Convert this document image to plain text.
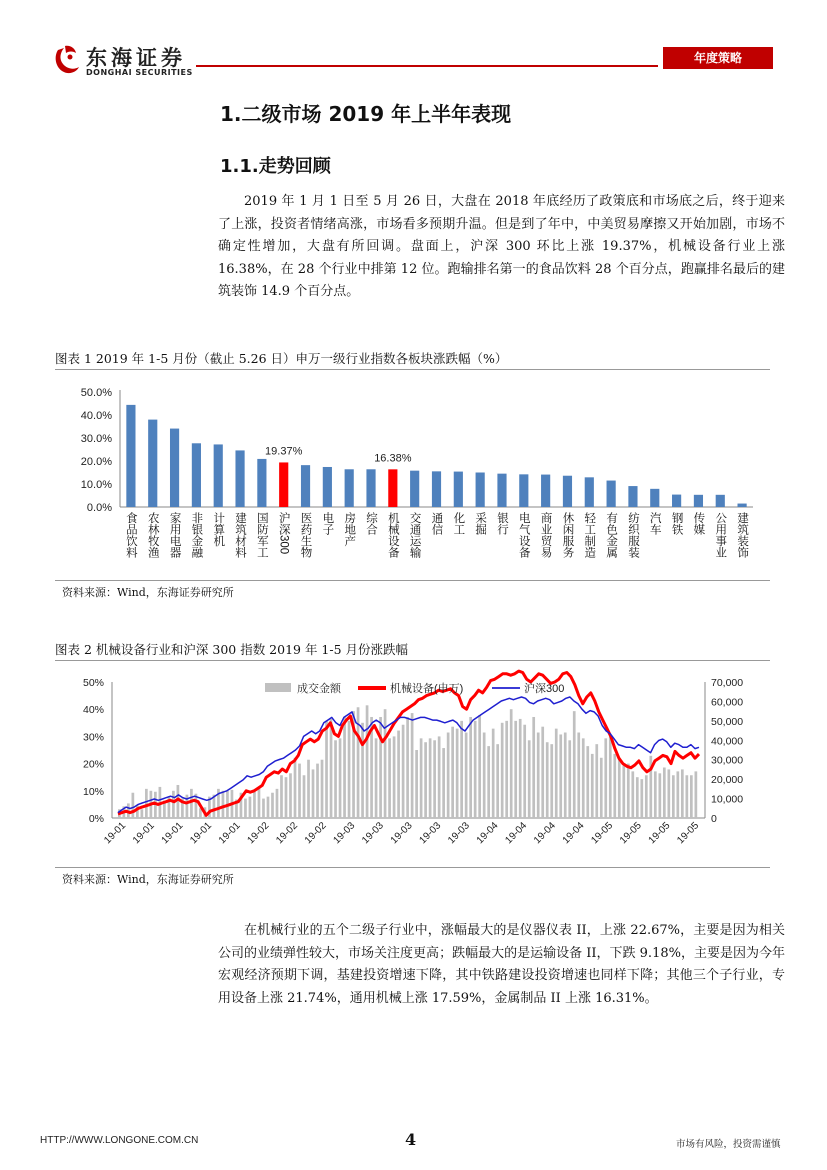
东海证券
DONGHAI SECURITIES
年度策略
1.二级市场 2019 年上半年表现
1.1.走势回顾

2019 年 1 月 1 日至 5 月 26 日，大盘在 2018 年底经历了政策底和市场底之后，终于迎来了上涨，投资者情绪高涨，市场看多预期升温。但是到了年中，中美贸易摩擦又开始加剧，市场不确定性增加，大盘有所回调。盘面上，沪深 300 环比上涨 19.37%，机械设备行业上涨 16.38%，在 28 个行业中排第 12 位。跑输排名第一的食品饮料 28 个百分点，跑赢排名最后的建筑装饰 14.9 个百分点。

图表 1 2019 年 1-5 月份（截止 5.26 日）申万一级行业指数各板块涨跌幅（%）
0.0%
10.0%
20.0%
30.0%
40.0%
50.0%
食品饮料 农林牧渔 家用电器 非银金融 计算机 建筑材料 国防军工
19.37%
沪深300 医药生物 电子 房地产 综合
16.38%
机械设备 交通运输 通信 化工 采掘 银行 电气设备 商业贸易 休闲服务 轻工制造 有色金属 纺织服装 汽车 钢铁 传媒 公用事业 建筑装饰
资料来源：Wind，东海证券研究所
图表 2 机械设备行业和沪深 300 指数 2019 年 1-5 月份涨跌幅
0%
10%
20%
30%
40%
50%
0
10,000
20,000
30,000
40,000
50,000
60,000
70,000
19-01 19-01 19-01 19-01 19-01 19-02 19-02 19-02 19-03 19-03 19-03 19-03 19-03 19-04 19-04 19-04 19-04 19-05 19-05 19-05 19-05
成交金额	机械设备(申万)	沪深300
资料来源：Wind，东海证券研究所

在机械行业的五个二级子行业中，涨幅最大的是仪器仪表 II，上涨 22.67%，主要是因为相关公司的业绩弹性较大，市场关注度更高；跌幅最大的是运输设备 II，下跌 9.18%，主要是因为今年宏观经济预期下调，基建投资增速下降，其中铁路建设投资增速也同样下降；其他三个子行业，专用设备上涨 21.74%，通用机械上涨 17.59%，金属制品 II 上涨 16.31%。

HTTP://WWW.LONGONE.COM.CN	4	市场有风险，投资需谨慎
